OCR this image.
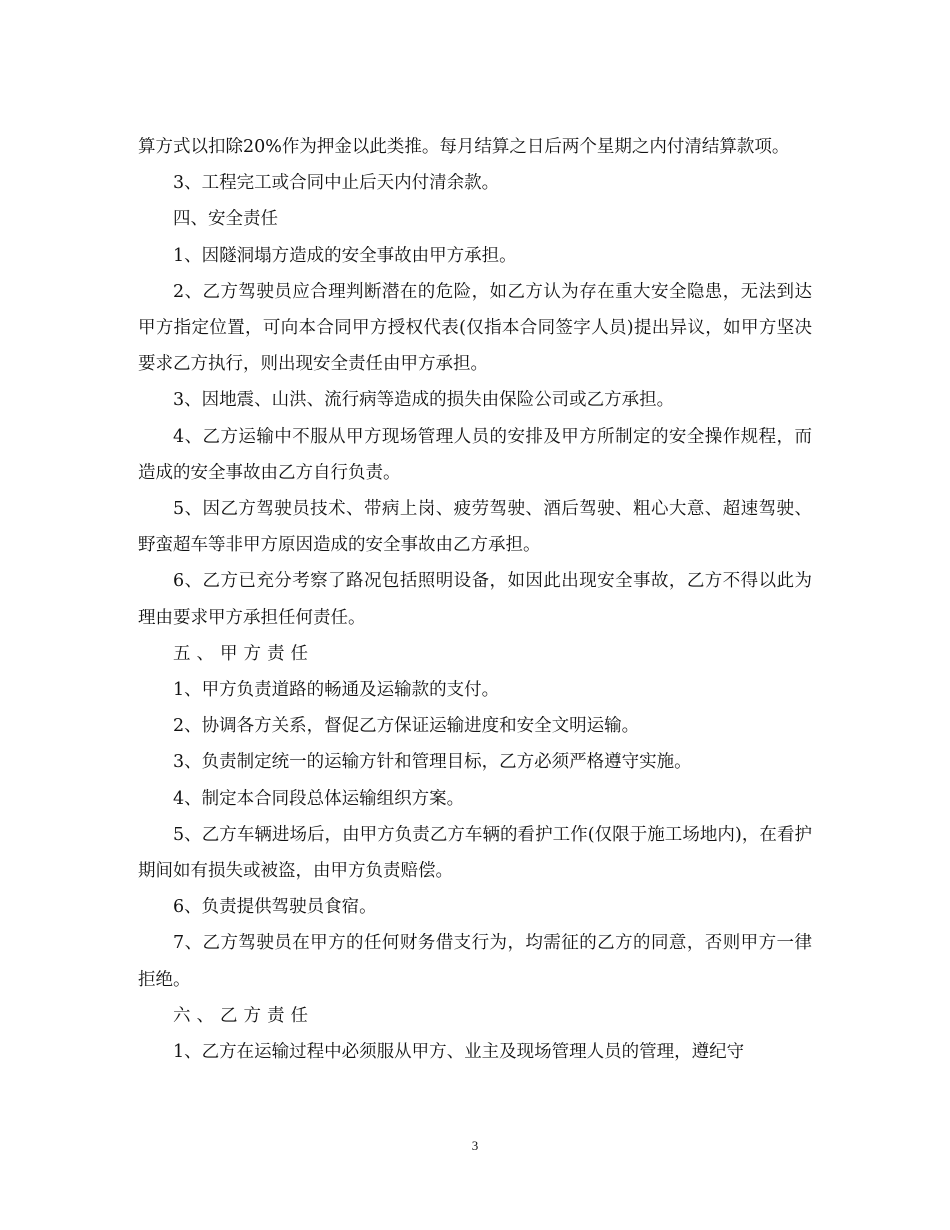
算方式以扣除20%作为押金以此类推。每月结算之日后两个星期之内付清结算款项。

3、工程完工或合同中止后天内付清余款。

四、安全责任

1、因隧洞塌方造成的安全事故由甲方承担。

2、乙方驾驶员应合理判断潜在的危险，如乙方认为存在重大安全隐患，无法到达甲方指定位置，可向本合同甲方授权代表(仅指本合同签字人员)提出异议，如甲方坚决要求乙方执行，则出现安全责任由甲方承担。

3、因地震、山洪、流行病等造成的损失由保险公司或乙方承担。

4、乙方运输中不服从甲方现场管理人员的安排及甲方所制定的安全操作规程，而造成的安全事故由乙方自行负责。

5、因乙方驾驶员技术、带病上岗、疲劳驾驶、酒后驾驶、粗心大意、超速驾驶、野蛮超车等非甲方原因造成的安全事故由乙方承担。

6、乙方已充分考察了路况包括照明设备，如因此出现安全事故，乙方不得以此为理由要求甲方承担任何责任。

五、甲方责任

1、甲方负责道路的畅通及运输款的支付。

2、协调各方关系，督促乙方保证运输进度和安全文明运输。

3、负责制定统一的运输方针和管理目标，乙方必须严格遵守实施。

4、制定本合同段总体运输组织方案。

5、乙方车辆进场后，由甲方负责乙方车辆的看护工作(仅限于施工场地内)，在看护期间如有损失或被盗，由甲方负责赔偿。

6、负责提供驾驶员食宿。

7、乙方驾驶员在甲方的任何财务借支行为，均需征的乙方的同意，否则甲方一律拒绝。

六、乙方责任

1、乙方在运输过程中必须服从甲方、业主及现场管理人员的管理，遵纪守

3
